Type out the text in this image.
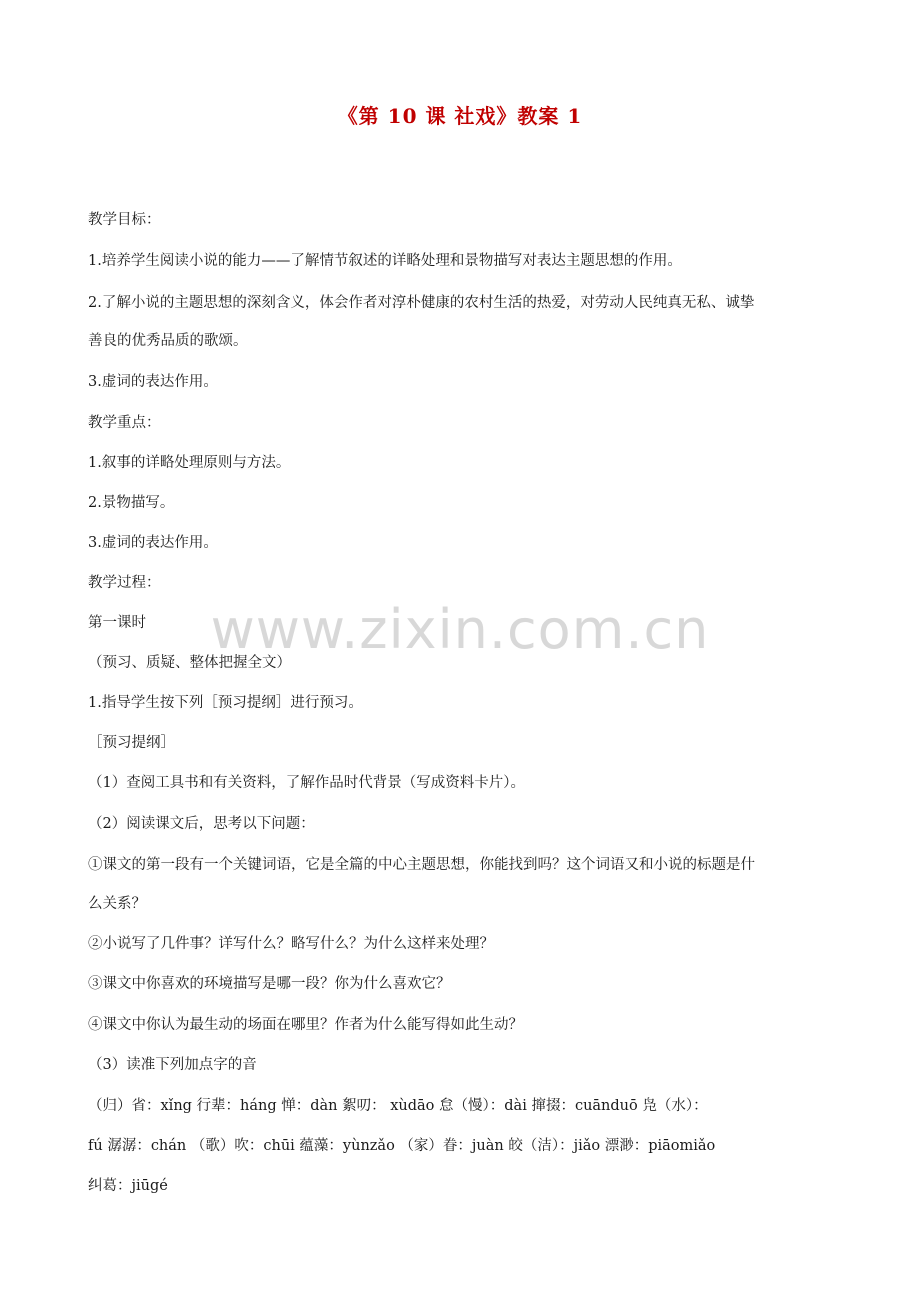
《第 10 课 社戏》教案 1
www.zixin.com.cn
教学目标：
1.培养学生阅读小说的能力——了解情节叙述的详略处理和景物描写对表达主题思想的作用。
2.了解小说的主题思想的深刻含义，体会作者对淳朴健康的农村生活的热爱，对劳动人民纯真无私、诚挚
善良的优秀品质的歌颂。
3.虚词的表达作用。
教学重点：
1.叙事的详略处理原则与方法。
2.景物描写。
3.虚词的表达作用。
教学过程：
第一课时
（预习、质疑、整体把握全文）
1.指导学生按下列［预习提纲］进行预习。
［预习提纲］
（1）查阅工具书和有关资料，了解作品时代背景（写成资料卡片）。
（2）阅读课文后，思考以下问题：
①课文的第一段有一个关键词语，它是全篇的中心主题思想，你能找到吗？这个词语又和小说的标题是什
么关系？
②小说写了几件事？详写什么？略写什么？为什么这样来处理？
③课文中你喜欢的环境描写是哪一段？你为什么喜欢它？
④课文中你认为最生动的场面在哪里？作者为什么能写得如此生动？
（3）读准下列加点字的音
（归）省：xǐng 行辈：háng 惮：dàn 絮叨： xùdāo 怠（慢）：dài 撺掇：cuānduō 凫（水）：
fú 潺潺：chán （歌）吹：chūi 蕴藻：yùnzǎo （家）眷：juàn 皎（洁）：jiǎo 漂渺：piāomiǎo
纠葛：jiūgé
